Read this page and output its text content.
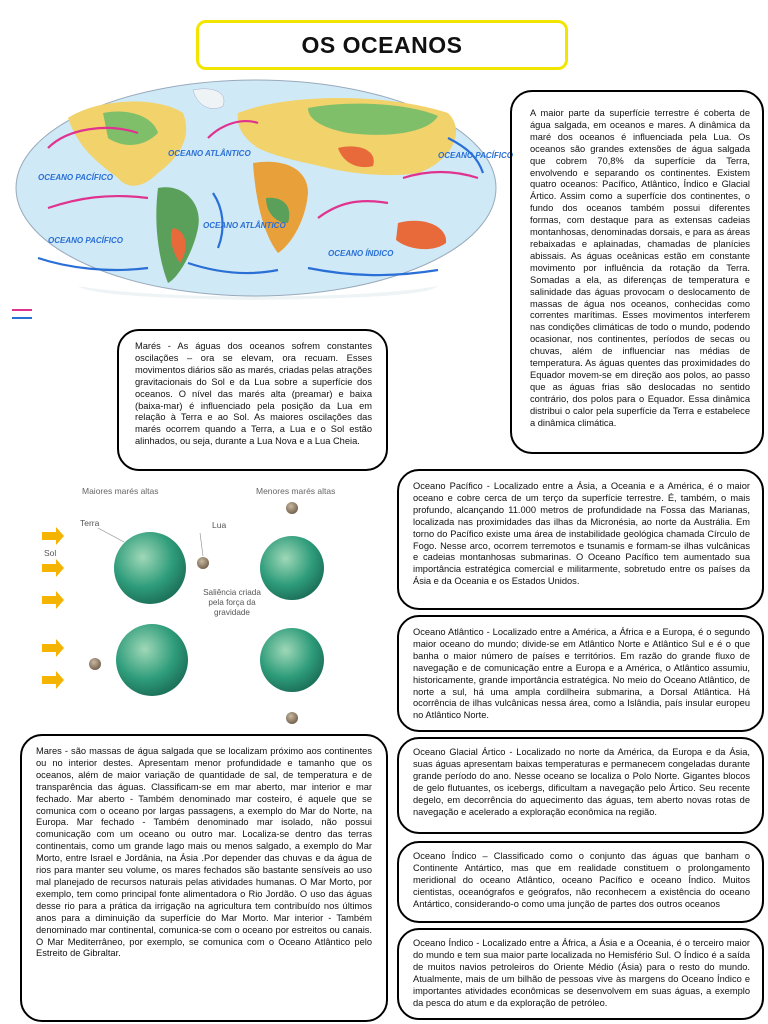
OS OCEANOS
OCEANO ATLÂNTICO
OCEANO PACÍFICO
OCEANO ATLÂNTICO
OCEANO ÍNDICO
OCEANO PACÍFICO
OCEANO PACÍFICO

A maior parte da superfície terrestre é coberta de água salgada, em oceanos e mares. A dinâmica da maré dos oceanos é influenciada pela Lua. Os oceanos são grandes extensões de água salgada que cobrem 70,8% da superfície da Terra, envolvendo e separando os continentes. Existem quatro oceanos: Pacífico, Atlântico, Índico e Glacial Ártico. Assim como a superfície dos continentes, o fundo dos oceanos também possui diferentes formas, com destaque para as extensas cadeias montanhosas, denominadas dorsais, e para as áreas rebaixadas e aplainadas, chamadas de planícies abissais. As águas oceânicas estão em constante movimento por influência da rotação da Terra. Somadas a ela, as diferenças de temperatura e salinidade das águas provocam o deslocamento de massas de água nos oceanos, conhecidas como correntes marítimas. Esses movimentos interferem nas condições climáticas de todo o mundo, podendo ocasionar, nos continentes, períodos de secas ou chuvas, além de influenciar nas médias de temperatura. As águas quentes das proximidades do Equador movem-se em direção aos polos, ao passo que as águas frias são deslocadas no sentido contrário, dos polos para o Equador. Essa dinâmica distribui o calor pela superfície da Terra e estabelece a dinâmica climática.

Marés - As águas dos oceanos sofrem constantes oscilações – ora se elevam, ora recuam. Esses movimentos diários são as marés, criadas pelas atrações gravitacionais do Sol e da Lua sobre a superfície dos oceanos. O nível das marés alta (preamar) e baixa (baixa-mar) é influenciado pela posição da Lua em relação à Terra e ao Sol. As maiores oscilações das marés ocorrem quando a Terra, a Lua e o Sol estão alinhados, ou seja, durante a Lua Nova e a Lua Cheia.

Maiores marés altas	Menores marés altas
Sol
Terra	Lua
Saliência criada pela força da gravidade

Oceano Pacífico - Localizado entre a Ásia, a Oceania e a América, é o maior oceano e cobre cerca de um terço da superfície terrestre. É, também, o mais profundo, alcançando 11.000 metros de profundidade na Fossa das Marianas, localizada nas proximidades das ilhas da Micronésia, ao norte da Austrália. Em torno do Pacífico existe uma área de instabilidade geológica chamada Círculo de Fogo. Nesse arco, ocorrem terremotos e tsunamis e formam-se ilhas vulcânicas e cadeias montanhosas submarinas. O Oceano Pacífico tem aumentado sua importância estratégica comercial e militarmente, sobretudo entre os países da Ásia e da Oceania e os Estados Unidos.

Oceano Atlântico - Localizado entre a América, a África e a Europa, é o segundo maior oceano do mundo; divide-se em Atlântico Norte e Atlântico Sul e é o que banha o maior número de países e territórios. Em razão do grande fluxo de navegação e de comunicação entre a Europa e a América, o Atlântico assumiu, historicamente, grande importância estratégica. No meio do Oceano Atlântico, de norte a sul, há uma ampla cordilheira submarina, a Dorsal Atlântica. Há ocorrência de ilhas vulcânicas nessa área, como a Islândia, país insular europeu no Atlântico Norte.

Oceano Glacial Ártico - Localizado no norte da América, da Europa e da Ásia, suas águas apresentam baixas temperaturas e permanecem congeladas durante grande período do ano. Nesse oceano se localiza o Polo Norte. Gigantes blocos de gelo flutuantes, os icebergs, dificultam a navegação pelo Ártico. Seu recente degelo, em decorrência do aquecimento das águas, tem aberto novas rotas de navegação e acelerado a exploração econômica na região.

Oceano Índico – Classificado como o conjunto das águas que banham o Continente Antártico, mas que em realidade constituem o prolongamento meridional do oceano Atlântico, oceano Pacífico e oceano Índico. Muitos cientistas, oceanógrafos e geógrafos, não reconhecem a existência do oceano Antártico, considerando-o como uma junção de partes dos outros oceanos

Oceano Índico - Localizado entre a África, a Ásia e a Oceania, é o terceiro maior do mundo e tem sua maior parte localizada no Hemisfério Sul. O Índico é a saída de muitos navios petroleiros do Oriente Médio (Ásia) para o resto do mundo. Atualmente, mais de um bilhão de pessoas vive às margens do Oceano Índico e importantes atividades econômicas se desenvolvem em suas águas, a exemplo da pesca do atum e da exploração de petróleo.

Mares - são massas de água salgada que se localizam próximo aos continentes ou no interior destes. Apresentam menor profundidade e tamanho que os oceanos, além de maior variação de quantidade de sal, de temperatura e de transparência das águas. Classificam-se em mar aberto, mar interior e mar fechado. Mar aberto - Também denominado mar costeiro, é aquele que se comunica com o oceano por largas passagens, a exemplo do Mar do Norte, na Europa. Mar fechado - Também denominado mar isolado, não possui comunicação com um oceano ou outro mar. Localiza-se dentro das terras continentais, como um grande lago mais ou menos salgado, a exemplo do Mar Morto, entre Israel e Jordânia, na Ásia .Por depender das chuvas e da água de rios para manter seu volume, os mares fechados são bastante sensíveis ao uso mal planejado de recursos naturais pelas atividades humanas. O Mar Morto, por exemplo, tem como principal fonte alimentadora o Rio Jordão. O uso das águas desse rio para a prática da irrigação na agricultura tem contribuído nos últimos anos para a diminuição da superfície do Mar Morto. Mar interior - Também denominado mar continental, comunica-se com o oceano por estreitos ou canais. O Mar Mediterrâneo, por exemplo, se comunica com o Oceano Atlântico pelo Estreito de Gibraltar.
